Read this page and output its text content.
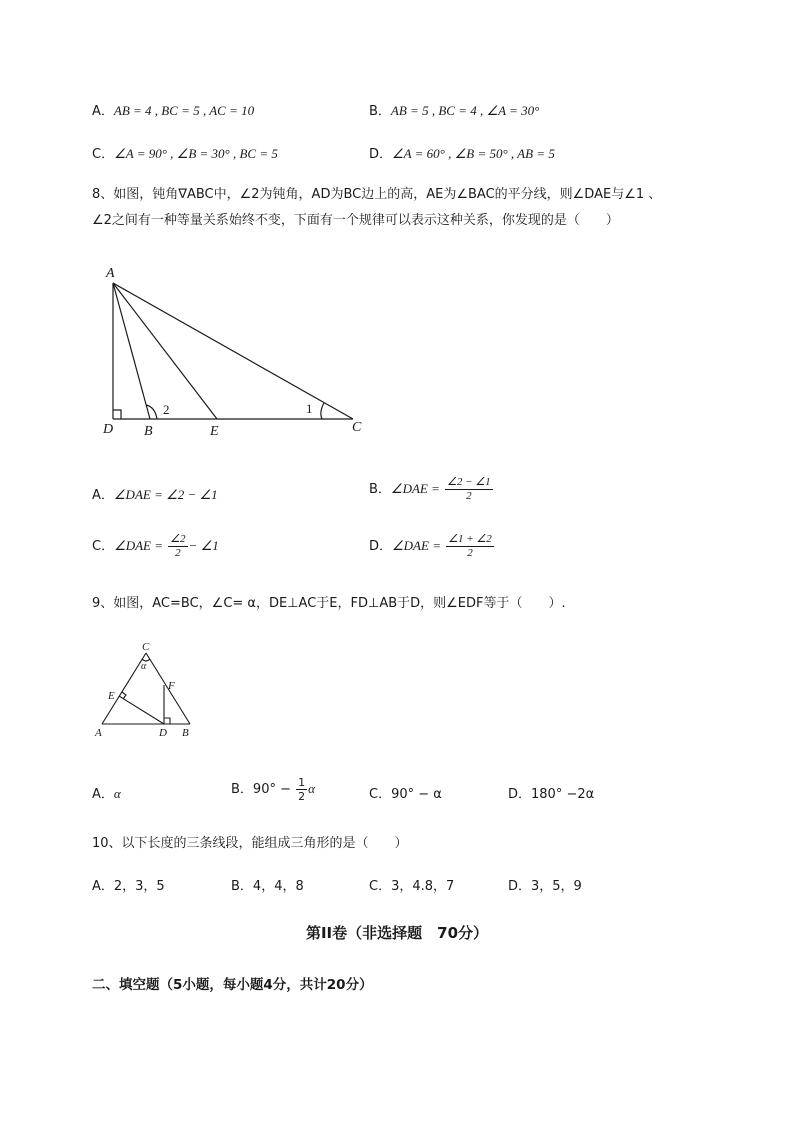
A．AB = 4 , BC = 5 , AC = 10	B．AB = 5 , BC = 4 , ∠A = 30°
C．∠A = 90° , ∠B = 30° , BC = 5	D．∠A = 60° , ∠B = 50° , AB = 5
8、如图，钝角∇ABC中，∠2为钝角，AD为BC边上的高，AE为∠BAC的平分线，则∠DAE与∠1 、
∠2之间有一种等量关系始终不变，下面有一个规律可以表示这种关系，你发现的是（　　）
A
D B	E	C
2	1
A．∠DAE = ∠2 − ∠1	B．∠DAE = $\frac{\angle 2 - \angle 1}{2}$
C．∠DAE = $\frac{\angle 2}{2}$ − ∠1	D．∠DAE = $\frac{\angle 1 + \angle 2}{2}$
9、如图，AC=BC，∠C= α，DE⊥AC于E，FD⊥AB于D，则∠EDF等于（　　）.
C
α
E
F
A	D B
A．α	B．$90^\circ - \frac{1}{2}$ α	C．90° − α	D．180° −2α
10、以下长度的三条线段，能组成三角形的是（　　）
A．2，3，5	B．4，4，8	C．3，4.8，7	D．3，5，9
第II卷（非选择题　70分）
二、填空题（5小题，每小题4分，共计20分）
